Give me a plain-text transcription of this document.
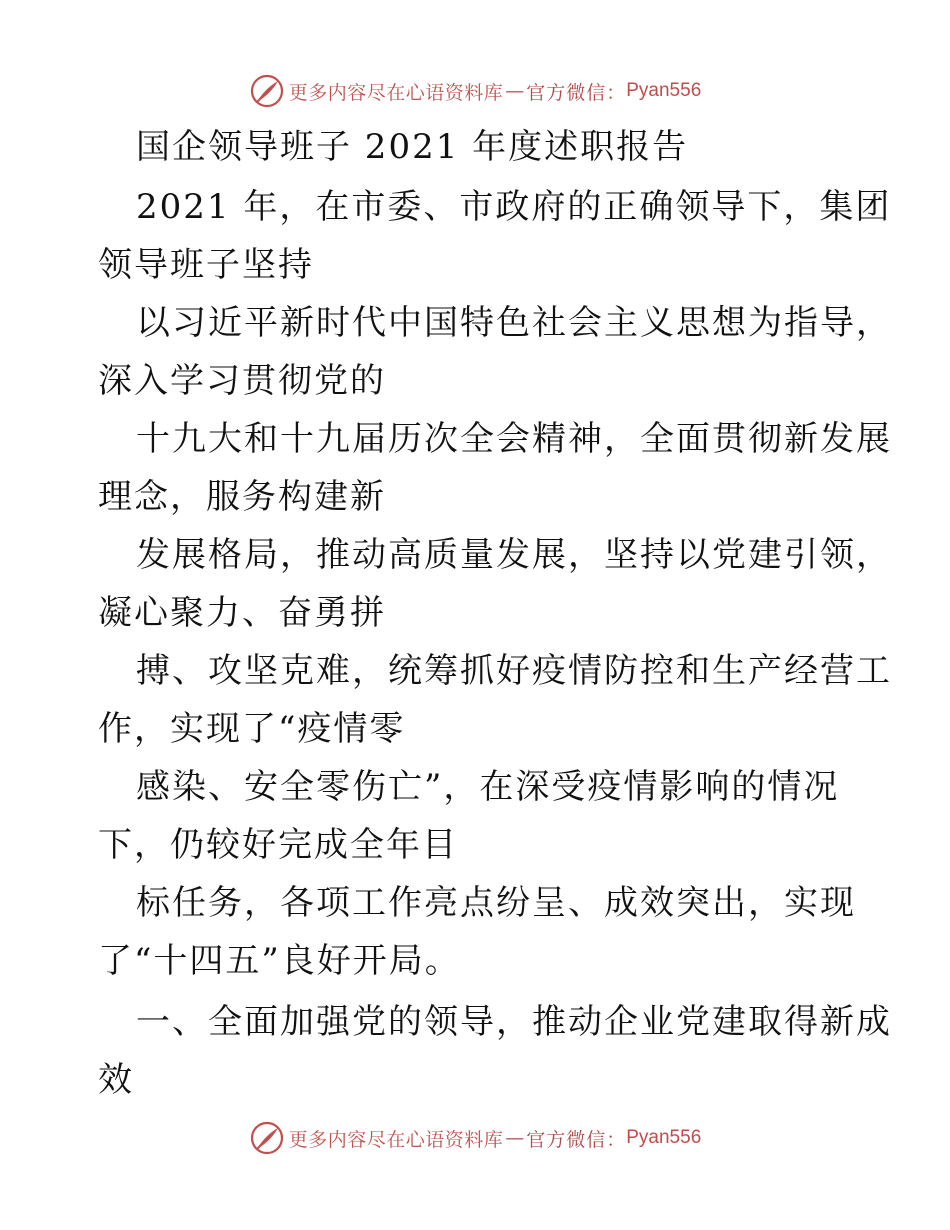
更多内容尽在心语资料库 — 官方微信： Pyan556
国企领导班子 2021 年度述职报告
2021 年，在市委、市政府的正确领导下，集团
领导班子坚持
以习近平新时代中国特色社会主义思想为指导，
深入学习贯彻党的
十九大和十九届历次全会精神，全面贯彻新发展
理念，服务构建新
发展格局，推动高质量发展，坚持以党建引领，
凝心聚力、奋勇拼
搏、攻坚克难，统筹抓好疫情防控和生产经营工
作，实现了“疫情零
感染、安全零伤亡”，在深受疫情影响的情况
下，仍较好完成全年目
标任务，各项工作亮点纷呈、成效突出，实现
了“十四五”良好开局。
一、全面加强党的领导，推动企业党建取得新成
效
更多内容尽在心语资料库 — 官方微信： Pyan556
